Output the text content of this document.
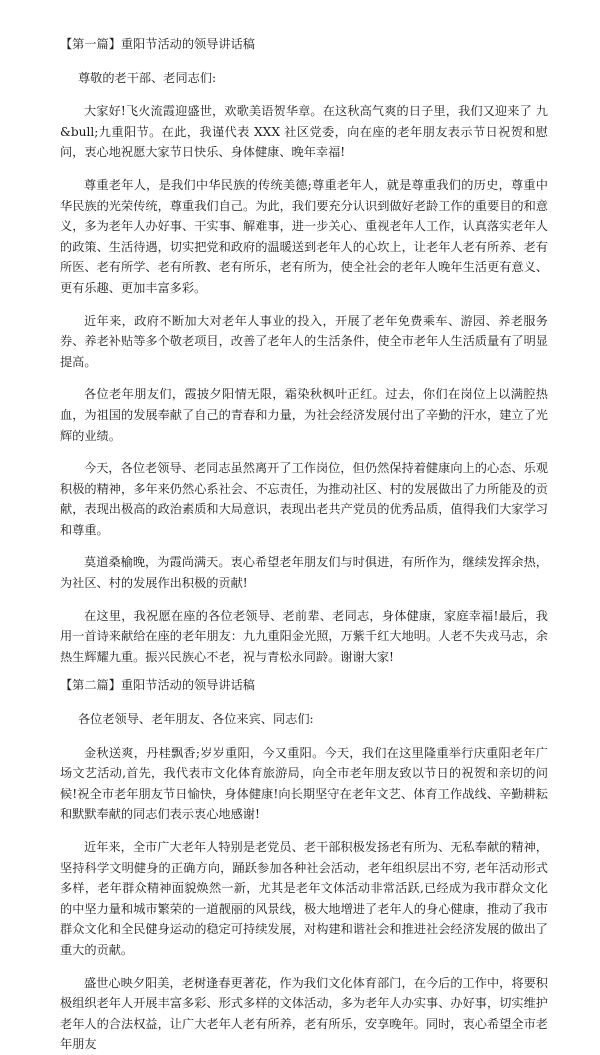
【第一篇】重阳节活动的领导讲话稿
尊敬的老干部、老同志们:
大家好!飞火流霞迎盛世，欢歌美语贺华章。在这秋高气爽的日子里，我们又迎来了 九&bull;九重阳节。在此，我谨代表 XXX 社区党委，向在座的老年朋友表示节日祝贺和慰问，衷心地祝愿大家节日快乐、身体健康、晚年幸福!
尊重老年人，是我们中华民族的传统美德;尊重老年人，就是尊重我们的历史，尊重中华民族的光荣传统，尊重我们自己。为此，我们要充分认识到做好老龄工作的重要目的和意义，多为老年人办好事、干实事、解难事，进一步关心、重视老年人工作，认真落实老年人的政策、生活待遇，切实把党和政府的温暖送到老年人的心坎上，让老年人老有所养、老有所医、老有所学、老有所教、老有所乐，老有所为，使全社会的老年人晚年生活更有意义、更有乐趣、更加丰富多彩。
近年来，政府不断加大对老年人事业的投入，开展了老年免费乘车、游园、养老服务券、养老补贴等多个敬老项目，改善了老年人的生活条件，使全市老年人生活质量有了明显提高。
各位老年朋友们，霞披夕阳情无限，霜染秋枫叶正红。过去，你们在岗位上以满腔热血，为祖国的发展奉献了自己的青春和力量，为社会经济发展付出了辛勤的汗水，建立了光辉的业绩。
今天，各位老领导、老同志虽然离开了工作岗位，但仍然保持着健康向上的心态、乐观积极的精神，多年来仍然心系社会、不忘责任，为推动社区、村的发展做出了力所能及的贡献，表现出极高的政治素质和大局意识，表现出老共产党员的优秀品质，值得我们大家学习和尊重。
莫道桑榆晚，为霞尚满天。衷心希望老年朋友们与时俱进，有所作为，继续发挥余热，为社区、村的发展作出积极的贡献!
在这里，我祝愿在座的各位老领导、老前辈、老同志，身体健康，家庭幸福!最后，我用一首诗来献给在座的老年朋友：九九重阳金光照，万紫千红大地明。人老不失戎马志，余热生辉耀九重。振兴民族心不老，祝与青松永同龄。谢谢大家!
【第二篇】重阳节活动的领导讲话稿
各位老领导、老年朋友、各位来宾、同志们:
金秋送爽，丹桂飘香;岁岁重阳，今又重阳。今天，我们在这里隆重举行庆重阳老年广场文艺活动,首先，我代表市文化体育旅游局，向全市老年朋友致以节日的祝贺和亲切的问候!祝全市老年朋友节日愉快，身体健康!向长期坚守在老年文艺、体育工作战线、辛勤耕耘和默默奉献的同志们表示衷心地感谢!
近年来，全市广大老年人特别是老党员、老干部积极发扬老有所为、无私奉献的精神，坚持科学文明健身的正确方向，踊跃参加各种社会活动，老年组织层出不穷, 老年活动形式多样，老年群众精神面貌焕然一新，尤其是老年文体活动非常活跃,已经成为我市群众文化的中坚力量和城市繁荣的一道靓丽的风景线，极大地增进了老年人的身心健康，推动了我市群众文化和全民健身运动的稳定可持续发展，对构建和谐社会和推进社会经济发展的做出了重大的贡献。
盛世心映夕阳美，老树逢春更著花，作为我们文化体育部门，在今后的工作中，将要积极组织老年人开展丰富多彩、形式多样的文体活动，多为老年人办实事、办好事，切实维护老年人的合法权益，让广大老年人老有所养，老有所乐，安享晚年。同时，衷心希望全市老年朋友
